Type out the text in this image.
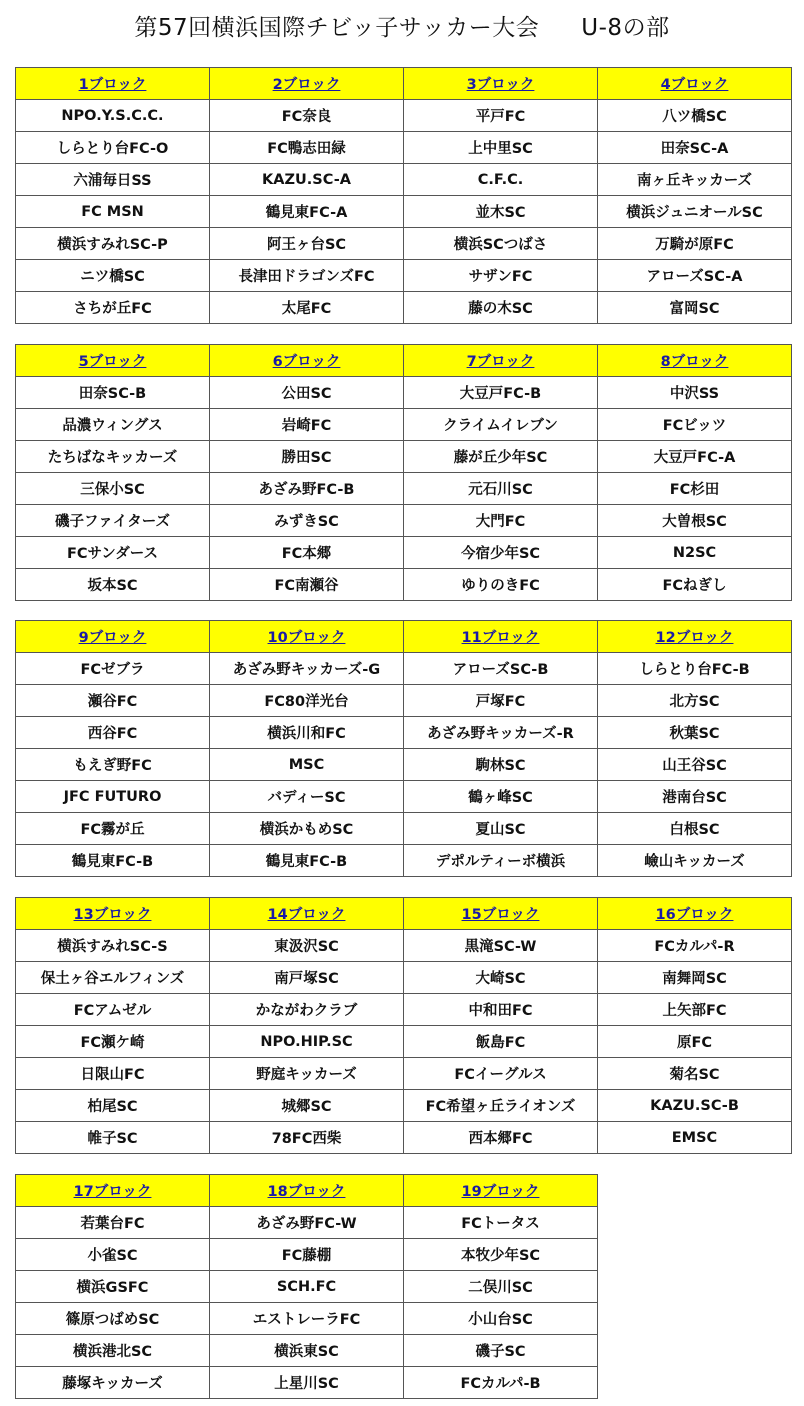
第57回横浜国際チビッ子サッカー大会 U-8の部
1ブロック	2ブロック	3ブロック	4ブロック
NPO.Y.S.C.C.	FC奈良	平戸FC	八ツ橋SC
しらとり台FC-O	FC鴨志田緑	上中里SC	田奈SC-A
六浦毎日SS	KAZU.SC-A	C.F.C.	南ヶ丘キッカーズ
FC MSN	鶴見東FC-A	並木SC	横浜ジュニオールSC
横浜すみれSC-P	阿王ヶ台SC	横浜SCつばさ	万騎が原FC
ニツ橋SC	長津田ドラゴンズFC	サザンFC	アローズSC-A
さちが丘FC	太尾FC	藤の木SC	富岡SC
5ブロック	6ブロック	7ブロック	8ブロック
田奈SC-B	公田SC	大豆戸FC-B	中沢SS
品濃ウィングス	岩崎FC	クライムイレブン	FCビッツ
たちばなキッカーズ	勝田SC	藤が丘少年SC	大豆戸FC-A
三保小SC	あざみ野FC-B	元石川SC	FC杉田
磯子ファイターズ	みずきSC	大門FC	大曽根SC
FCサンダース	FC本郷	今宿少年SC	N2SC
坂本SC	FC南瀬谷	ゆりのきFC	FCねぎし
9ブロック	10ブロック	11ブロック	12ブロック
FCゼブラ	あざみ野キッカーズ-G	アローズSC-B	しらとり台FC-B
瀬谷FC	FC80洋光台	戸塚FC	北方SC
西谷FC	横浜川和FC	あざみ野キッカーズ-R	秋葉SC
もえぎ野FC	MSC	駒林SC	山王谷SC
JFC FUTURO	バディーSC	鶴ヶ峰SC	港南台SC
FC霧が丘	横浜かもめSC	夏山SC	白根SC
鶴見東FC-B	鶴見東FC-B	デポルティーボ横浜	嶮山キッカーズ
13ブロック	14ブロック	15ブロック	16ブロック
横浜すみれSC-S	東汲沢SC	黒滝SC-W	FCカルパ-R
保土ヶ谷エルフィンズ	南戸塚SC	大崎SC	南舞岡SC
FCアムゼル	かながわクラブ	中和田FC	上矢部FC
FC瀬ケ崎	NPO.HIP.SC	飯島FC	原FC
日限山FC	野庭キッカーズ	FCイーグルス	菊名SC
柏尾SC	城郷SC	FC希望ヶ丘ライオンズ	KAZU.SC-B
帷子SC	78FC西柴	西本郷FC	EMSC
17ブロック	18ブロック	19ブロック
若葉台FC	あざみ野FC-W	FCトータス
小雀SC	FC藤棚	本牧少年SC
横浜GSFC	SCH.FC	二俣川SC
篠原つばめSC	エストレーラFC	小山台SC
横浜港北SC	横浜東SC	磯子SC
藤塚キッカーズ	上星川SC	FCカルパ-B
